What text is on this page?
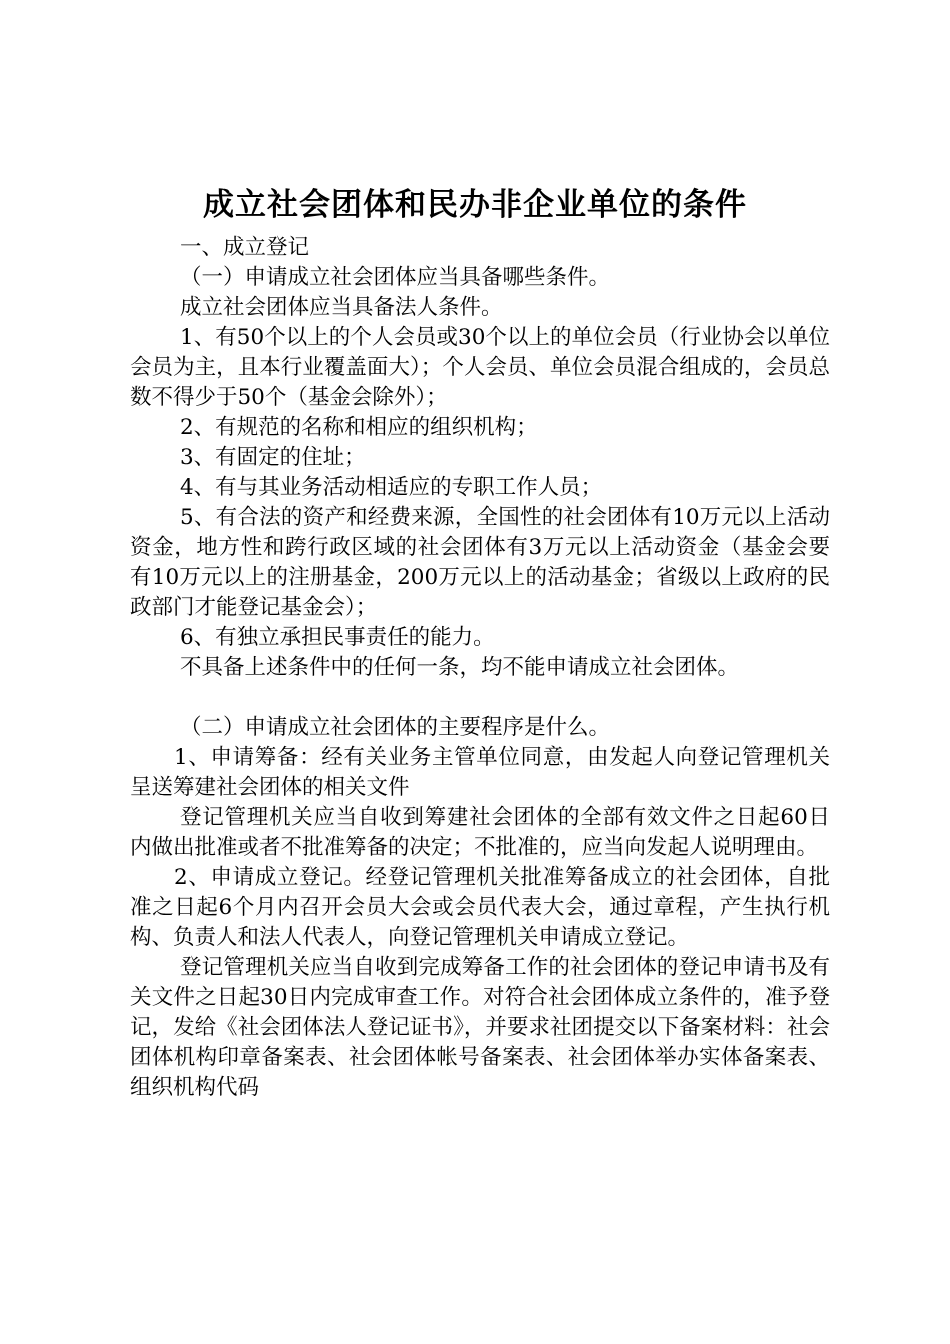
成立社会团体和民办非企业单位的条件

一、成立登记

（一）申请成立社会团体应当具备哪些条件。

成立社会团体应当具备法人条件。

1、有50个以上的个人会员或30个以上的单位会员（行业协会以单位会员为主，且本行业覆盖面大）；个人会员、单位会员混合组成的，会员总数不得少于50个（基金会除外）；

2、有规范的名称和相应的组织机构；

3、有固定的住址；

4、有与其业务活动相适应的专职工作人员；

5、有合法的资产和经费来源，全国性的社会团体有10万元以上活动资金，地方性和跨行政区域的社会团体有3万元以上活动资金（基金会要有10万元以上的注册基金，200万元以上的活动基金；省级以上政府的民政部门才能登记基金会）；

6、有独立承担民事责任的能力。

不具备上述条件中的任何一条，均不能申请成立社会团体。

（二）申请成立社会团体的主要程序是什么。

1、申请筹备：经有关业务主管单位同意，由发起人向登记管理机关呈送筹建社会团体的相关文件

登记管理机关应当自收到筹建社会团体的全部有效文件之日起60日内做出批准或者不批准筹备的决定；不批准的，应当向发起人说明理由。

2、申请成立登记。经登记管理机关批准筹备成立的社会团体，自批准之日起6个月内召开会员大会或会员代表大会，通过章程，产生执行机构、负责人和法人代表人，向登记管理机关申请成立登记。

登记管理机关应当自收到完成筹备工作的社会团体的登记申请书及有关文件之日起30日内完成审查工作。对符合社会团体成立条件的，准予登记，发给《社会团体法人登记证书》，并要求社团提交以下备案材料：社会团体机构印章备案表、社会团体帐号备案表、社会团体举办实体备案表、组织机构代码
